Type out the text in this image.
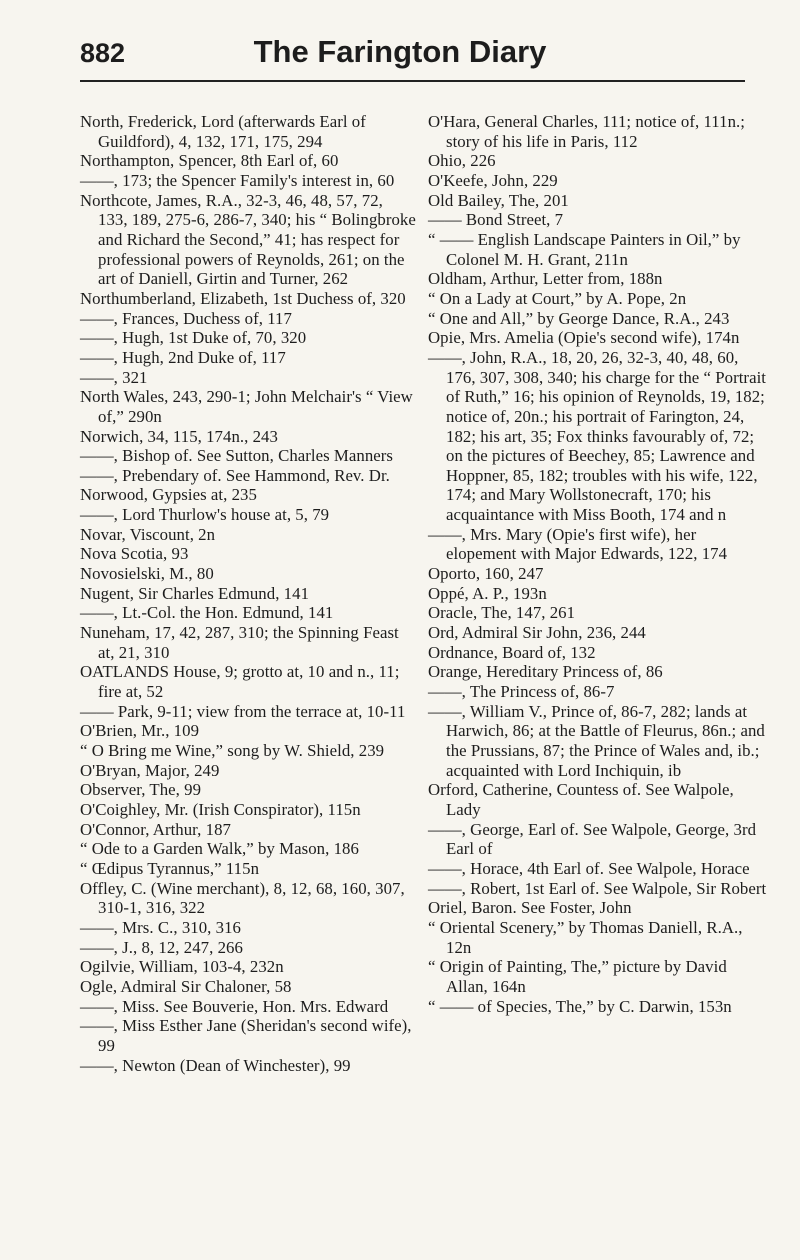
882	The Farington Diary
North, Frederick, Lord (afterwards Earl of Guildford), 4, 132, 171, 175, 294
Northampton, Spencer, 8th Earl of, 60
——, 173; the Spencer Family's interest in, 60
Northcote, James, R.A., 32-3, 46, 48, 57, 72, 133, 189, 275-6, 286-7, 340; his “ Bolingbroke and Richard the Second,” 41; has respect for professional powers of Reynolds, 261; on the art of Daniell, Girtin and Turner, 262
Northumberland, Elizabeth, 1st Duchess of, 320
——, Frances, Duchess of, 117
——, Hugh, 1st Duke of, 70, 320
——, Hugh, 2nd Duke of, 117
——, 321
North Wales, 243, 290-1; John Melchair's “ View of,” 290n
Norwich, 34, 115, 174n., 243
——, Bishop of. See Sutton, Charles Manners
——, Prebendary of. See Hammond, Rev. Dr.
Norwood, Gypsies at, 235
——, Lord Thurlow's house at, 5, 79
Novar, Viscount, 2n
Nova Scotia, 93
Novosielski, M., 80
Nugent, Sir Charles Edmund, 141
——, Lt.-Col. the Hon. Edmund, 141
Nuneham, 17, 42, 287, 310; the Spinning Feast at, 21, 310
OATLANDS House, 9; grotto at, 10 and n., 11; fire at, 52
—— Park, 9-11; view from the terrace at, 10-11
O'Brien, Mr., 109
“ O Bring me Wine,” song by W. Shield, 239
O'Bryan, Major, 249
Observer, The, 99
O'Coighley, Mr. (Irish Conspirator), 115n
O'Connor, Arthur, 187
“ Ode to a Garden Walk,” by Mason, 186
“ Œdipus Tyrannus,” 115n
Offley, C. (Wine merchant), 8, 12, 68, 160, 307, 310-1, 316, 322
——, Mrs. C., 310, 316
——, J., 8, 12, 247, 266
Ogilvie, William, 103-4, 232n
Ogle, Admiral Sir Chaloner, 58
——, Miss. See Bouverie, Hon. Mrs. Edward
——, Miss Esther Jane (Sheridan's second wife), 99
——, Newton (Dean of Winchester), 99
O'Hara, General Charles, 111; notice of, 111n.; story of his life in Paris, 112
Ohio, 226
O'Keefe, John, 229
Old Bailey, The, 201
—— Bond Street, 7
“ —— English Landscape Painters in Oil,” by Colonel M. H. Grant, 211n
Oldham, Arthur, Letter from, 188n
“ On a Lady at Court,” by A. Pope, 2n
“ One and All,” by George Dance, R.A., 243
Opie, Mrs. Amelia (Opie's second wife), 174n
——, John, R.A., 18, 20, 26, 32-3, 40, 48, 60, 176, 307, 308, 340; his charge for the “ Portrait of Ruth,” 16; his opinion of Reynolds, 19, 182; notice of, 20n.; his portrait of Farington, 24, 182; his art, 35; Fox thinks favourably of, 72; on the pictures of Beechey, 85; Lawrence and Hoppner, 85, 182; troubles with his wife, 122, 174; and Mary Wollstonecraft, 170; his acquaintance with Miss Booth, 174 and n
——, Mrs. Mary (Opie's first wife), her elopement with Major Edwards, 122, 174
Oporto, 160, 247
Oppé, A. P., 193n
Oracle, The, 147, 261
Ord, Admiral Sir John, 236, 244
Ordnance, Board of, 132
Orange, Hereditary Princess of, 86
——, The Princess of, 86-7
——, William V., Prince of, 86-7, 282; lands at Harwich, 86; at the Battle of Fleurus, 86n.; and the Prussians, 87; the Prince of Wales and, ib.; acquainted with Lord Inchiquin, ib
Orford, Catherine, Countess of. See Walpole, Lady
——, George, Earl of. See Walpole, George, 3rd Earl of
——, Horace, 4th Earl of. See Walpole, Horace
——, Robert, 1st Earl of. See Walpole, Sir Robert
Oriel, Baron. See Foster, John
“ Oriental Scenery,” by Thomas Daniell, R.A., 12n
“ Origin of Painting, The,” picture by David Allan, 164n
“ —— of Species, The,” by C. Darwin, 153n
